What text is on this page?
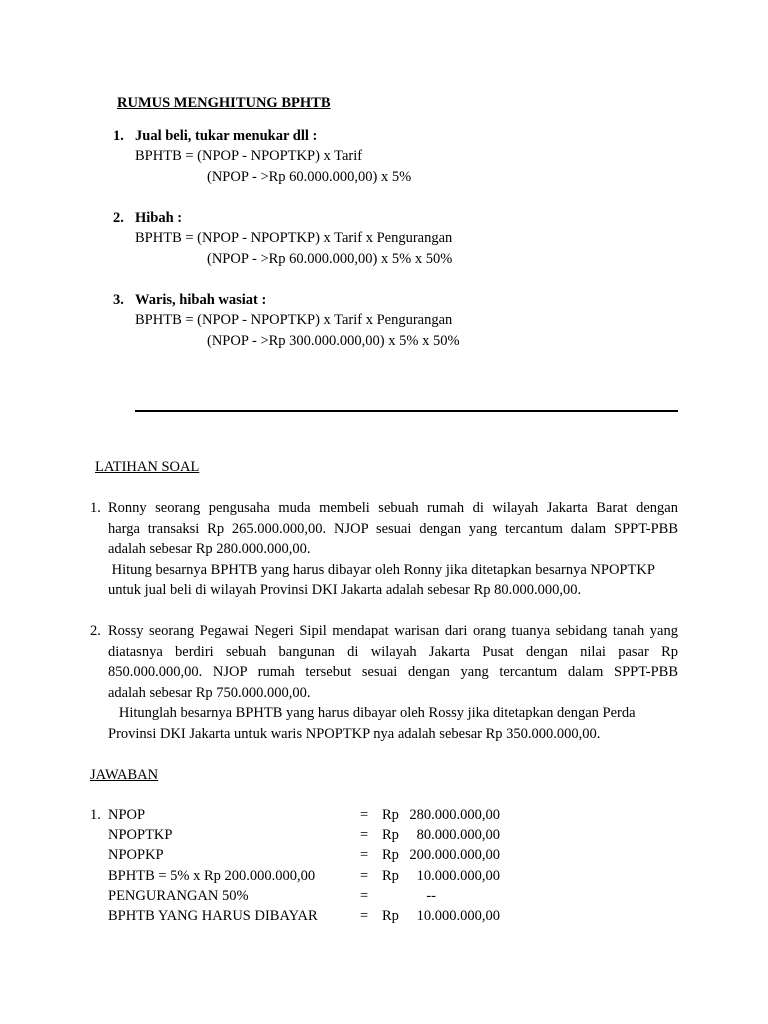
RUMUS MENGHITUNG BPHTB
1. Jual beli, tukar menukar dll :
BPHTB = (NPOP - NPOPTKP) x Tarif
(NPOP - >Rp 60.000.000,00) x 5%
2. Hibah :
BPHTB = (NPOP - NPOPTKP) x Tarif x Pengurangan
(NPOP - >Rp 60.000.000,00) x 5% x 50%
3. Waris, hibah wasiat :
BPHTB = (NPOP - NPOPTKP) x Tarif x Pengurangan
(NPOP - >Rp 300.000.000,00) x 5% x 50%
LATIHAN SOAL
1. Ronny seorang pengusaha muda membeli sebuah rumah di wilayah Jakarta Barat dengan
harga transaksi Rp 265.000.000,00. NJOP sesuai dengan yang tercantum dalam SPPT-PBB
adalah sebesar Rp 280.000.000,00.
Hitung besarnya BPHTB yang harus dibayar oleh Ronny jika ditetapkan besarnya NPOPTKP
untuk jual beli di wilayah Provinsi DKI Jakarta adalah sebesar Rp 80.000.000,00.
2. Rossy seorang Pegawai Negeri Sipil mendapat warisan dari orang tuanya sebidang tanah yang
diatasnya berdiri sebuah bangunan di wilayah Jakarta Pusat dengan nilai pasar Rp
850.000.000,00. NJOP rumah tersebut sesuai dengan yang tercantum dalam SPPT-PBB
adalah sebesar Rp 750.000.000,00.
Hitunglah besarnya BPHTB yang harus dibayar oleh Rossy jika ditetapkan dengan Perda
Provinsi DKI Jakarta untuk waris NPOPTKP nya adalah sebesar Rp 350.000.000,00.
JAWABAN
1. NPOP	= Rp 280.000.000,00
NPOPTKP	= Rp 80.000.000,00
NPOPKP	= Rp 200.000.000,00
BPHTB = 5% x Rp 200.000.000,00	= Rp 10.000.000,00
PENGURANGAN 50%	=	--
BPHTB YANG HARUS DIBAYAR	= Rp 10.000.000,00
